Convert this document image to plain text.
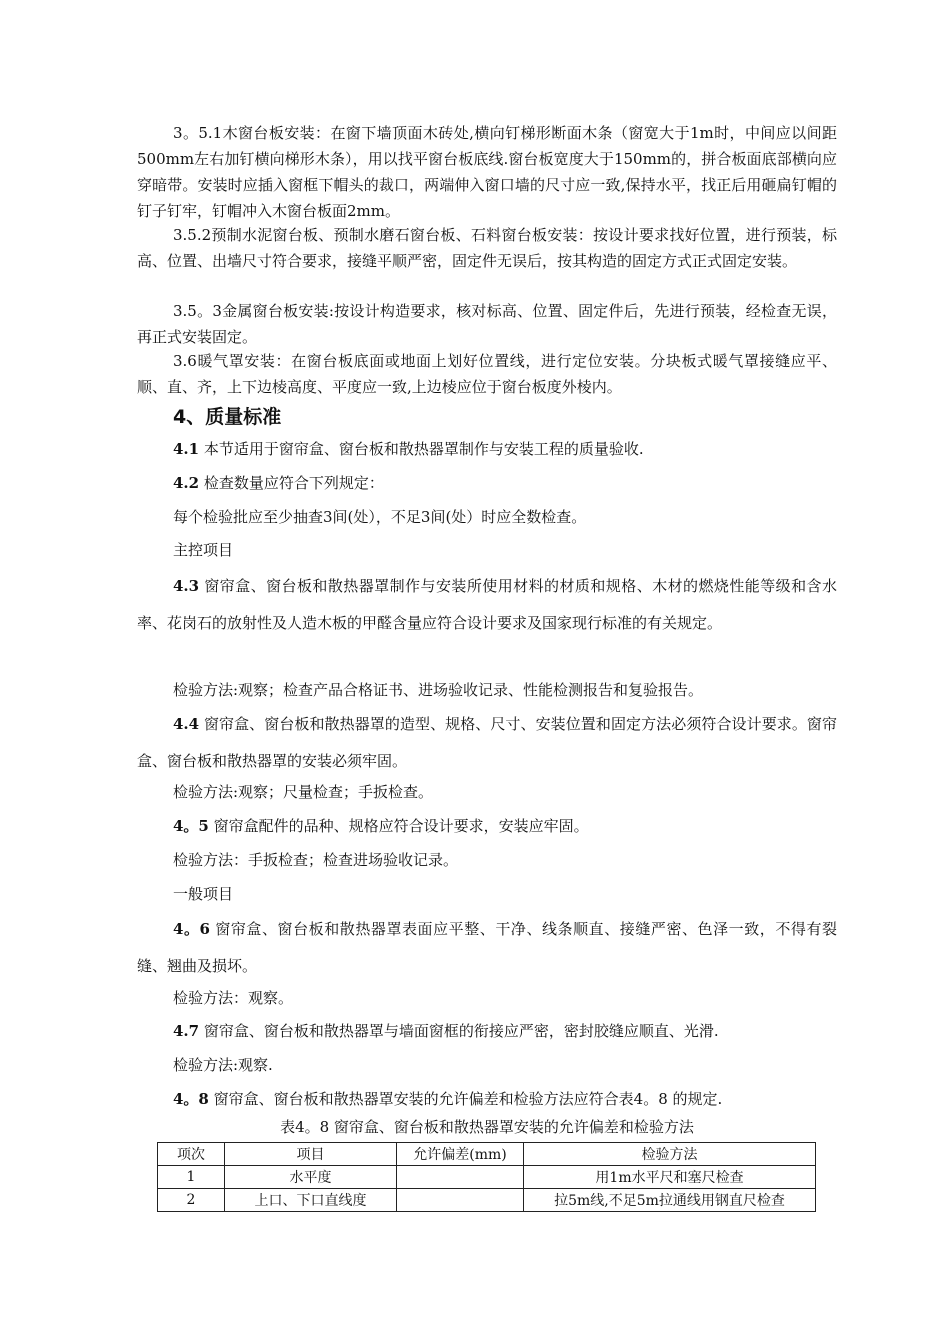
3。5.1木窗台板安装：在窗下墙顶面木砖处,横向钉梯形断面木条（窗宽大于1m时，中间应以间距500mm左右加钉横向梯形木条），用以找平窗台板底线.窗台板宽度大于150mm的，拼合板面底部横向应穿暗带。安装时应插入窗框下帽头的裁口，两端伸入窗口墙的尺寸应一致,保持水平，找正后用砸扁钉帽的钉子钉牢，钉帽冲入木窗台板面2mm。

3.5.2预制水泥窗台板、预制水磨石窗台板、石料窗台板安装：按设计要求找好位置，进行预装，标高、位置、出墙尺寸符合要求，接缝平顺严密，固定件无误后，按其构造的固定方式正式固定安装。

3.5。3金属窗台板安装:按设计构造要求，核对标高、位置、固定件后，先进行预装，经检查无误，再正式安装固定。

3.6暖气罩安装：在窗台板底面或地面上划好位置线，进行定位安装。分块板式暖气罩接缝应平、顺、直、齐，上下边棱高度、平度应一致,上边棱应位于窗台板度外棱内。

4、质量标准

4.1 本节适用于窗帘盒、窗台板和散热器罩制作与安装工程的质量验收.

4.2 检查数量应符合下列规定：

每个检验批应至少抽查3间(处），不足3间(处）时应全数检查。

主控项目

4.3 窗帘盒、窗台板和散热器罩制作与安装所使用材料的材质和规格、木材的燃烧性能等级和含水率、花岗石的放射性及人造木板的甲醛含量应符合设计要求及国家现行标准的有关规定。

检验方法:观察；检查产品合格证书、进场验收记录、性能检测报告和复验报告。

4.4 窗帘盒、窗台板和散热器罩的造型、规格、尺寸、安装位置和固定方法必须符合设计要求。窗帘盒、窗台板和散热器罩的安装必须牢固。

检验方法:观察；尺量检查；手扳检查。

4。5 窗帘盒配件的品种、规格应符合设计要求，安装应牢固。

检验方法：手扳检查；检查进场验收记录。

一般项目

4。6 窗帘盒、窗台板和散热器罩表面应平整、干净、线条顺直、接缝严密、色泽一致，不得有裂缝、翘曲及损坏。

检验方法：观察。

4.7 窗帘盒、窗台板和散热器罩与墙面窗框的衔接应严密，密封胶缝应顺直、光滑.

检验方法:观察.

4。8 窗帘盒、窗台板和散热器罩安装的允许偏差和检验方法应符合表4。8 的规定.

表4。8 窗帘盒、窗台板和散热器罩安装的允许偏差和检验方法

项次	项目	允许偏差(mm)	检验方法
1	水平度		用1m水平尺和塞尺检查
2	上口、下口直线度		拉5m线,不足5m拉通线用钢直尺检查
